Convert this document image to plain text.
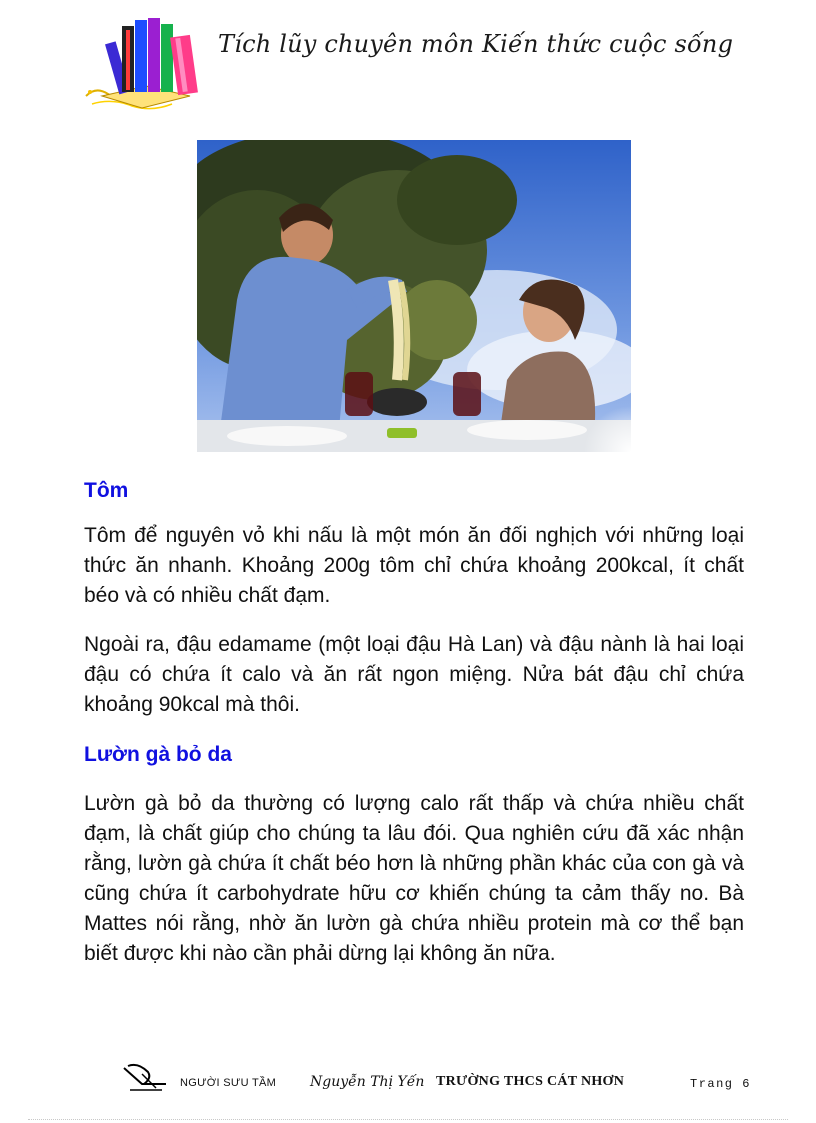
Tích lũy chuyên môn Kiến thức cuộc sống
Tôm
Tôm để nguyên vỏ khi nấu là một món ăn đối nghịch với những loại thức ăn nhanh. Khoảng 200g tôm chỉ chứa khoảng 200kcal, ít chất béo và có nhiều chất đạm.
Ngoài ra, đậu edamame (một loại đậu Hà Lan) và đậu nành là hai loại đậu có chứa ít calo và ăn rất ngon miệng. Nửa bát đậu chỉ chứa khoảng 90kcal mà thôi.
Lườn gà bỏ da
Lườn gà bỏ da thường có lượng calo rất thấp và chứa nhiều chất đạm, là chất giúp cho chúng ta lâu đói. Qua nghiên cứu đã xác nhận rằng, lườn gà chứa ít chất béo hơn là những phần khác của con gà và cũng chứa ít carbohydrate hữu cơ khiến chúng ta cảm thấy no. Bà Mattes nói rằng, nhờ ăn lườn gà chứa nhiều protein mà cơ thể bạn biết được khi nào cần phải dừng lại không ăn nữa.
NGƯỜI SƯU TẦM Nguyễn Thị Yến TRƯỜNG THCS CÁT NHƠN	Trang 6
